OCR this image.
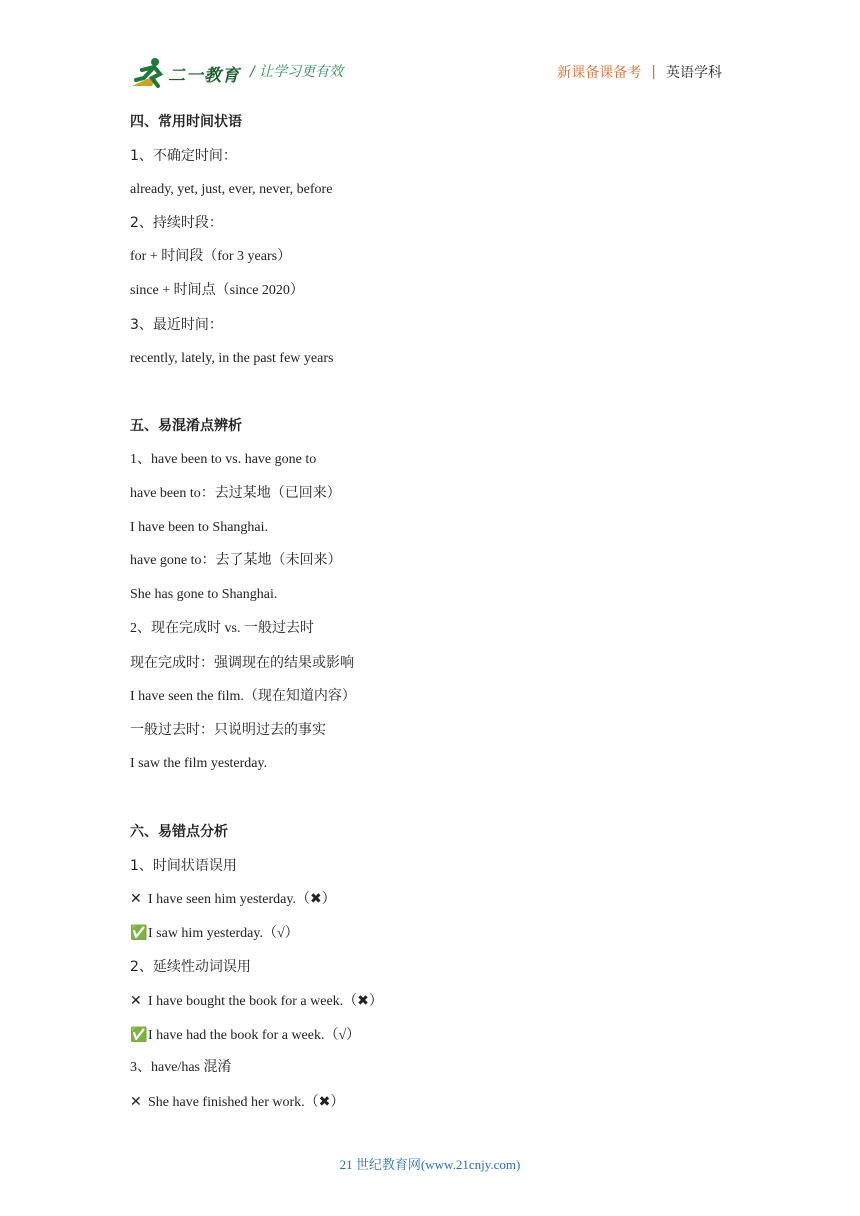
二一教育 / 让学习更有效	新课备课备考 | 英语学科
四、常用时间状语
1、不确定时间：
already, yet, just, ever, never, before
2、持续时段：
for + 时间段（for 3 years）
since + 时间点（since 2020）
3、最近时间：
recently, lately, in the past few years
五、易混淆点辨析
1、have been to vs. have gone to
have been to：去过某地（已回来）
I have been to Shanghai.
have gone to：去了某地（未回来）
She has gone to Shanghai.
2、现在完成时 vs. 一般过去时
现在完成时：强调现在的结果或影响
I have seen the film.（现在知道内容）
一般过去时：只说明过去的事实
I saw the film yesterday.
六、易错点分析
1、时间状语误用
✕ I have seen him yesterday.（✖）
✅I saw him yesterday.（√）
2、延续性动词误用
✕ I have bought the book for a week.（✖）
✅I have had the book for a week.（√）
3、have/has 混淆
✕ She have finished her work.（✖）
21 世纪教育网(www.21cnjy.com)
